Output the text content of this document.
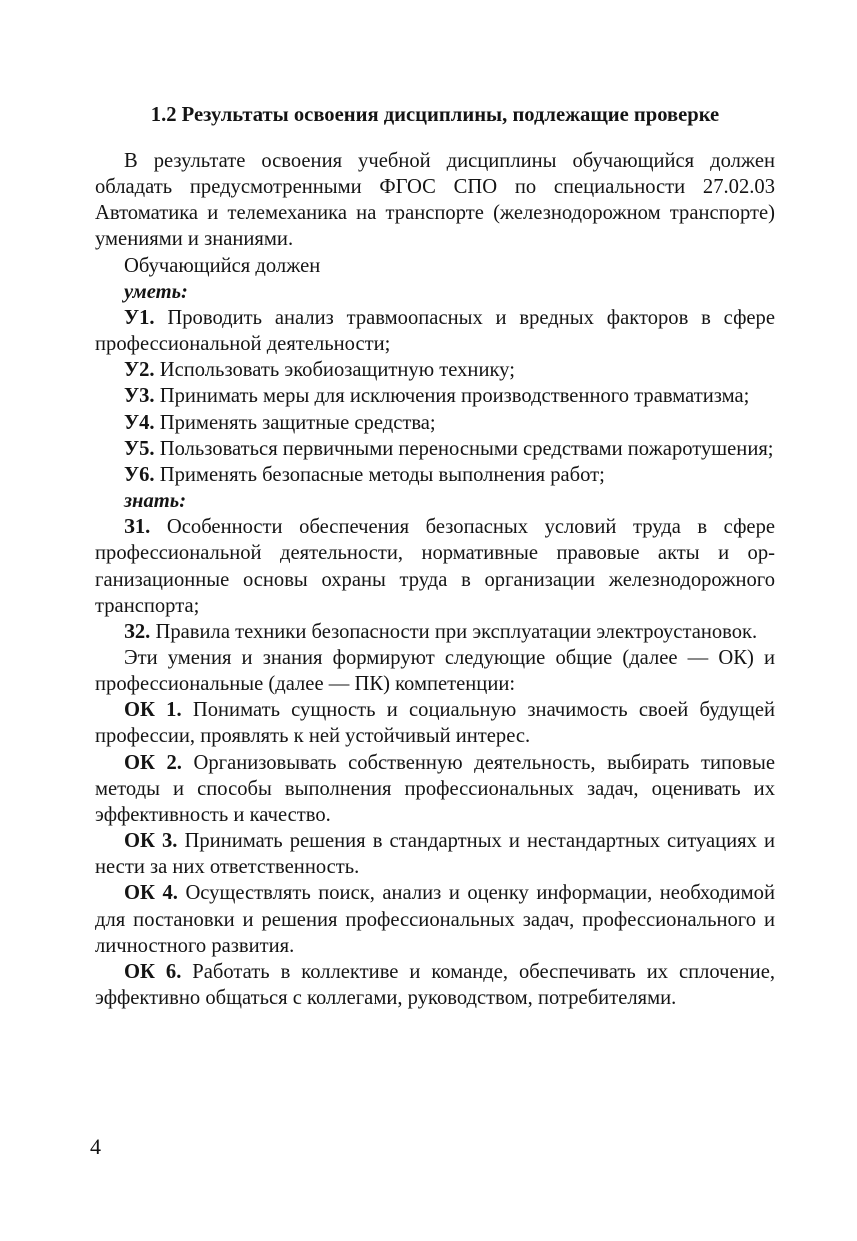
1.2 Результаты освоения дисциплины, подлежащие проверке

В результате освоения учебной дисциплины обучающийся должен обладать предусмотренными ФГОС СПО по специальности 27.02.03 Автоматика и телемеханика на транспорте (железнодорожном транспорте) умениями и знаниями.

Обучающийся должен

уметь:

У1. Проводить анализ травмоопасных и вредных факторов в сфере профессиональной деятельности;

У2. Использовать экобиозащитную технику;

У3. Принимать меры для исключения производственного травматизма;

У4. Применять защитные средства;

У5. Пользоваться первичными переносными средствами пожаротушения;

У6. Применять безопасные методы выполнения работ;

знать:

З1. Особенности обеспечения безопасных условий труда в сфере профессиональной деятельности, нормативные правовые акты и организационные основы охраны труда в организации железнодорожного транспорта;

З2. Правила техники безопасности при эксплуатации электроустановок.

Эти умения и знания формируют следующие общие (далее — ОК) и профессиональные (далее — ПК) компетенции:

ОК 1. Понимать сущность и социальную значимость своей будущей профессии, проявлять к ней устойчивый интерес.

ОК 2. Организовывать собственную деятельность, выбирать типовые методы и способы выполнения профессиональных задач, оценивать их эффективность и качество.

ОК 3. Принимать решения в стандартных и нестандартных ситуациях и нести за них ответственность.

ОК 4. Осуществлять поиск, анализ и оценку информации, необходимой для постановки и решения профессиональных задач, профессионального и личностного развития.

ОК 6. Работать в коллективе и команде, обеспечивать их сплочение, эффективно общаться с коллегами, руководством, потребителями.

4
